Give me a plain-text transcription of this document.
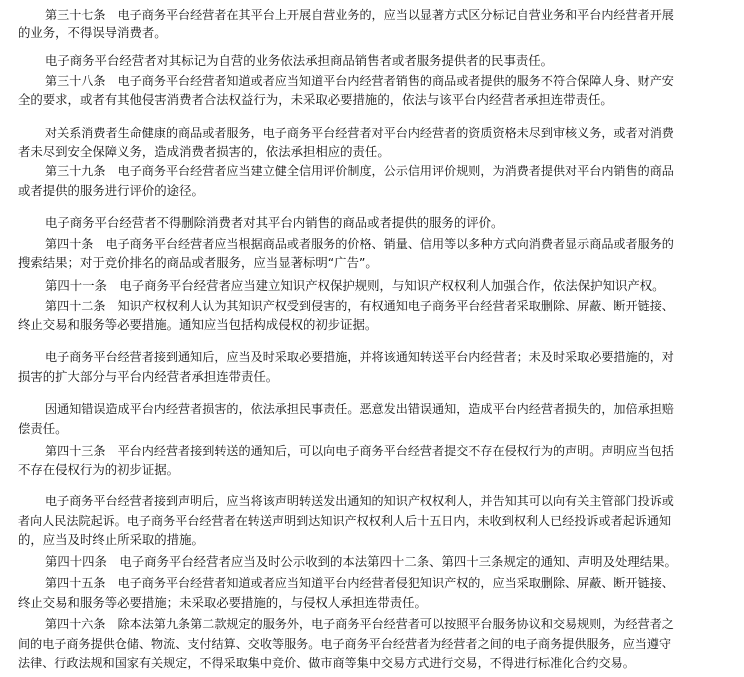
第三十七条　电子商务平台经营者在其平台上开展自营业务的，应当以显著方式区分标记自营业务和平台内经营者开展
的业务，不得误导消费者。
电子商务平台经营者对其标记为自营的业务依法承担商品销售者或者服务提供者的民事责任。
第三十八条　电子商务平台经营者知道或者应当知道平台内经营者销售的商品或者提供的服务不符合保障人身、财产安
全的要求，或者有其他侵害消费者合法权益行为，未采取必要措施的，依法与该平台内经营者承担连带责任。
对关系消费者生命健康的商品或者服务，电子商务平台经营者对平台内经营者的资质资格未尽到审核义务，或者对消费
者未尽到安全保障义务，造成消费者损害的，依法承担相应的责任。
第三十九条　电子商务平台经营者应当建立健全信用评价制度，公示信用评价规则，为消费者提供对平台内销售的商品
或者提供的服务进行评价的途径。
电子商务平台经营者不得删除消费者对其平台内销售的商品或者提供的服务的评价。
第四十条　电子商务平台经营者应当根据商品或者服务的价格、销量、信用等以多种方式向消费者显示商品或者服务的
搜索结果；对于竞价排名的商品或者服务，应当显著标明“广告”。
第四十一条　电子商务平台经营者应当建立知识产权保护规则，与知识产权权利人加强合作，依法保护知识产权。
第四十二条　知识产权权利人认为其知识产权受到侵害的，有权通知电子商务平台经营者采取删除、屏蔽、断开链接、
终止交易和服务等必要措施。通知应当包括构成侵权的初步证据。
电子商务平台经营者接到通知后，应当及时采取必要措施，并将该通知转送平台内经营者；未及时采取必要措施的，对
损害的扩大部分与平台内经营者承担连带责任。
因通知错误造成平台内经营者损害的，依法承担民事责任。恶意发出错误通知，造成平台内经营者损失的，加倍承担赔
偿责任。
第四十三条　平台内经营者接到转送的通知后，可以向电子商务平台经营者提交不存在侵权行为的声明。声明应当包括
不存在侵权行为的初步证据。
电子商务平台经营者接到声明后，应当将该声明转送发出通知的知识产权权利人，并告知其可以向有关主管部门投诉或
者向人民法院起诉。电子商务平台经营者在转送声明到达知识产权权利人后十五日内，未收到权利人已经投诉或者起诉通知
的，应当及时终止所采取的措施。
第四十四条　电子商务平台经营者应当及时公示收到的本法第四十二条、第四十三条规定的通知、声明及处理结果。
第四十五条　电子商务平台经营者知道或者应当知道平台内经营者侵犯知识产权的，应当采取删除、屏蔽、断开链接、
终止交易和服务等必要措施；未采取必要措施的，与侵权人承担连带责任。
第四十六条　除本法第九条第二款规定的服务外，电子商务平台经营者可以按照平台服务协议和交易规则，为经营者之
间的电子商务提供仓储、物流、支付结算、交收等服务。电子商务平台经营者为经营者之间的电子商务提供服务，应当遵守
法律、行政法规和国家有关规定，不得采取集中竞价、做市商等集中交易方式进行交易，不得进行标准化合约交易。
